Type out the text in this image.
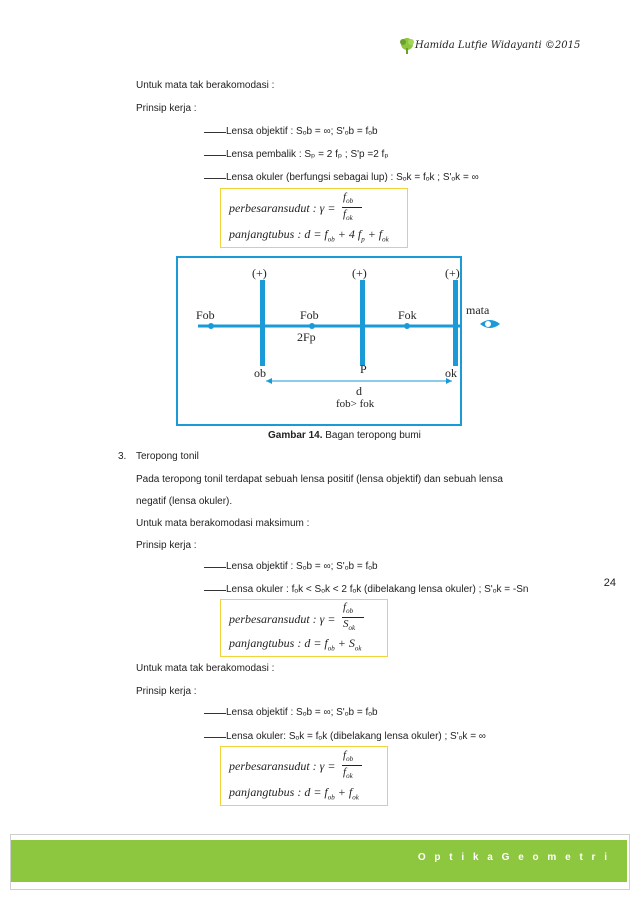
Hamida Lutfie Widayanti ©2015
Untuk mata tak berakomodasi :
Prinsip kerja :
Lensa objektif : Sₒb = ∞; S'ₒb = fₒb
Lensa pembalik : Sₚ = 2 fₚ ; S'p =2 fₚ
Lensa okuler (berfungsi sebagai lup) : Sₒk = fₒk ; S'ₒk = ∞
perbesaransudut : γ =
$f_{ob}$
$f_{ok}$
panjangtubus : $d = f_{ob} + 4$ $f_p + f_{ok}$
(+)	(+)	(+)
Fob	Fob	Fok
2Fp
mata
ob	P	ok
d
fob> fok
Gambar 14. Bagan teropong bumi
3. Teropong tonil
Pada teropong tonil terdapat sebuah lensa positif (lensa objektif) dan sebuah lensa
negatif (lensa okuler).
Untuk mata berakomodasi maksimum :
Prinsip kerja :
Lensa objektif : Sₒb = ∞; S'ₒb = fₒb
Lensa okuler : fₒk < Sₒk < 2 fₒk (dibelakang lensa okuler) ; S'ₒk = -Sn
perbesaransudut : γ =
$f_{ob}$
$S_{ok}$
panjangtubus : $d = f_{ob} + S_{ok}$
24
Untuk mata tak berakomodasi :
Prinsip kerja :
Lensa objektif : Sₒb = ∞; S'ₒb = fₒb
Lensa okuler: Sₒk = fₒk (dibelakang lensa okuler) ; S'ₒk = ∞
perbesaransudut : γ =
$f_{ob}$
$f_{ok}$
panjangtubus : $d = f_{ob} + f_{ok}$
O p t i k a G e o m e t r i
